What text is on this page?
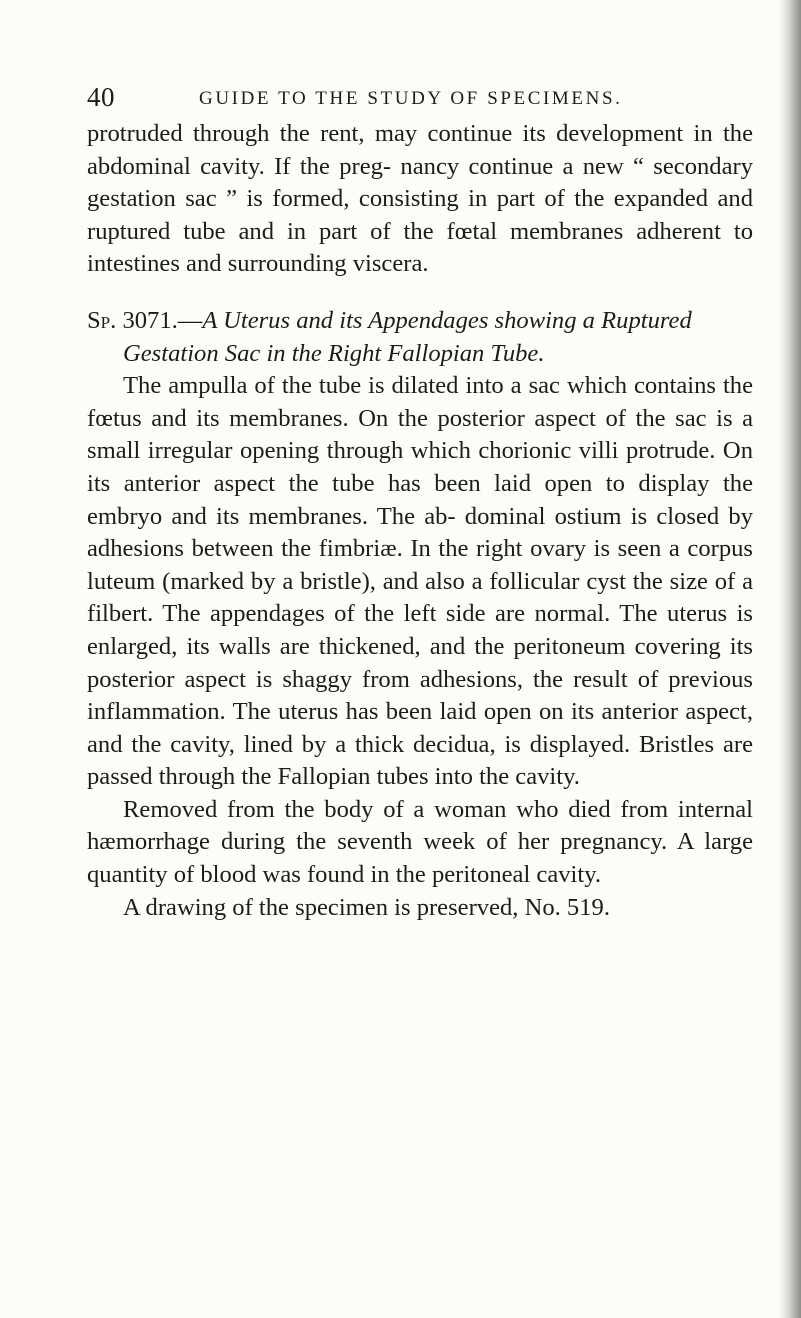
40	GUIDE TO THE STUDY OF SPECIMENS.

protruded through the rent, may continue its development in the abdominal cavity. If the preg- nancy continue a new “ secondary gestation sac ” is formed, consisting in part of the expanded and ruptured tube and in part of the fœtal membranes adherent to intestines and surrounding viscera.

Sp. 3071.—A Uterus and its Appendages showing a Ruptured Gestation Sac in the Right Fallopian Tube.

The ampulla of the tube is dilated into a sac which contains the fœtus and its membranes. On the posterior aspect of the sac is a small irregular opening through which chorionic villi protrude. On its anterior aspect the tube has been laid open to display the embryo and its membranes. The ab- dominal ostium is closed by adhesions between the fimbriæ. In the right ovary is seen a corpus luteum (marked by a bristle), and also a follicular cyst the size of a filbert. The appendages of the left side are normal. The uterus is enlarged, its walls are thickened, and the peritoneum covering its posterior aspect is shaggy from adhesions, the result of previous inflammation. The uterus has been laid open on its anterior aspect, and the cavity, lined by a thick decidua, is displayed. Bristles are passed through the Fallopian tubes into the cavity.

Removed from the body of a woman who died from internal hæmorrhage during the seventh week of her pregnancy. A large quantity of blood was found in the peritoneal cavity.

A drawing of the specimen is preserved, No. 519.
